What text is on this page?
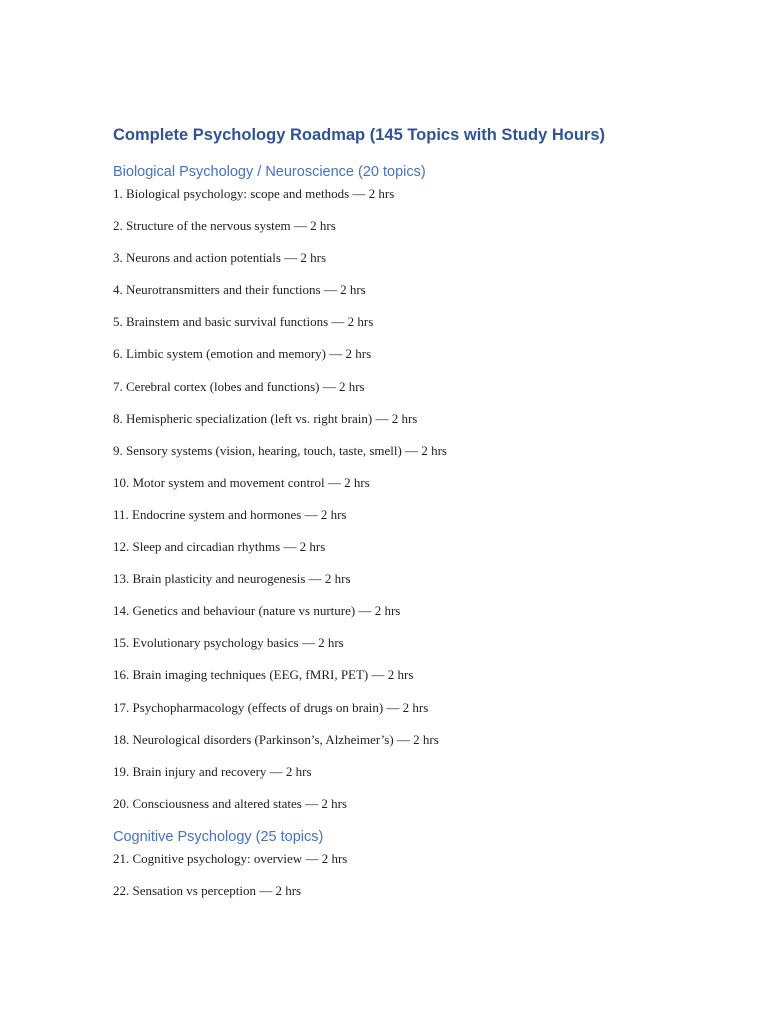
Complete Psychology Roadmap (145 Topics with Study Hours)
Biological Psychology / Neuroscience (20 topics)
1. Biological psychology: scope and methods — 2 hrs
2. Structure of the nervous system — 2 hrs
3. Neurons and action potentials — 2 hrs
4. Neurotransmitters and their functions — 2 hrs
5. Brainstem and basic survival functions — 2 hrs
6. Limbic system (emotion and memory) — 2 hrs
7. Cerebral cortex (lobes and functions) — 2 hrs
8. Hemispheric specialization (left vs. right brain) — 2 hrs
9. Sensory systems (vision, hearing, touch, taste, smell) — 2 hrs
10. Motor system and movement control — 2 hrs
11. Endocrine system and hormones — 2 hrs
12. Sleep and circadian rhythms — 2 hrs
13. Brain plasticity and neurogenesis — 2 hrs
14. Genetics and behaviour (nature vs nurture) — 2 hrs
15. Evolutionary psychology basics — 2 hrs
16. Brain imaging techniques (EEG, fMRI, PET) — 2 hrs
17. Psychopharmacology (effects of drugs on brain) — 2 hrs
18. Neurological disorders (Parkinson’s, Alzheimer’s) — 2 hrs
19. Brain injury and recovery — 2 hrs
20. Consciousness and altered states — 2 hrs
Cognitive Psychology (25 topics)
21. Cognitive psychology: overview — 2 hrs
22. Sensation vs perception — 2 hrs
